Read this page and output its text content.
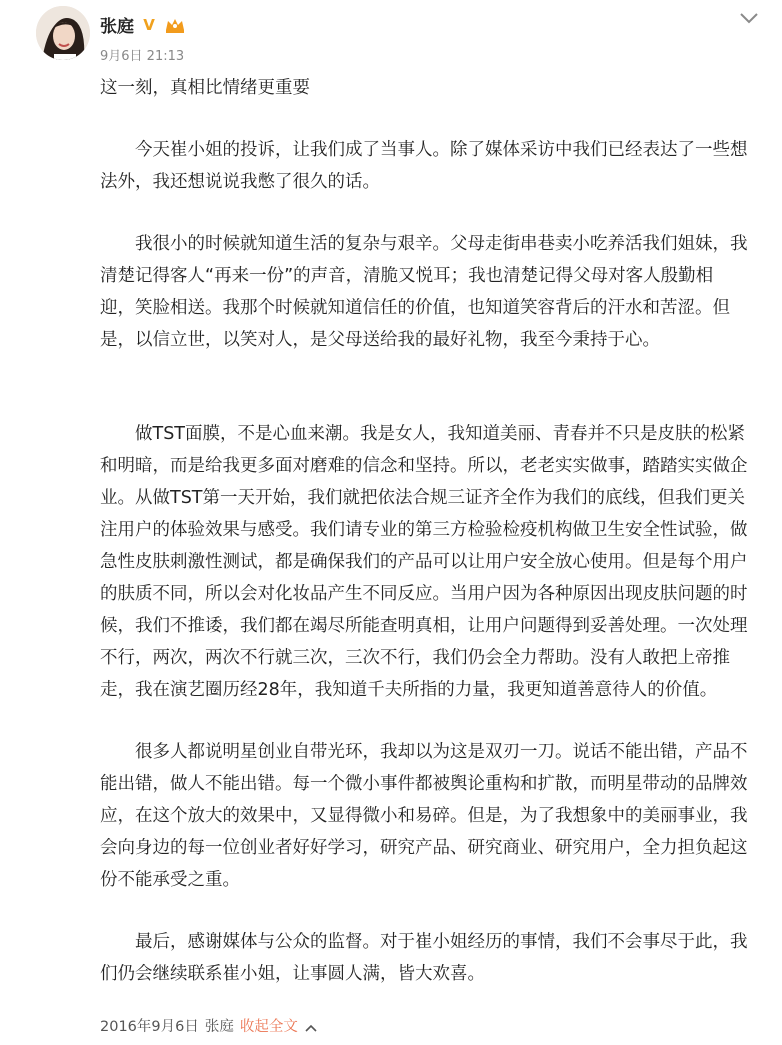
张庭 V
9月6日 21:13

这一刻，真相比情绪更重要

今天崔小姐的投诉，让我们成了当事人。除了媒体采访中我们已经表达了一些想法外，我还想说说我憋了很久的话。

我很小的时候就知道生活的复杂与艰辛。父母走街串巷卖小吃养活我们姐妹，我清楚记得客人“再来一份”的声音，清脆又悦耳；我也清楚记得父母对客人殷勤相迎，笑脸相送。我那个时候就知道信任的价值，也知道笑容背后的汗水和苦涩。但是，以信立世，以笑对人，是父母送给我的最好礼物，我至今秉持于心。

做TST面膜，不是心血来潮。我是女人，我知道美丽、青春并不只是皮肤的松紧和明暗，而是给我更多面对磨难的信念和坚持。所以，老老实实做事，踏踏实实做企业。从做TST第一天开始，我们就把依法合规三证齐全作为我们的底线，但我们更关注用户的体验效果与感受。我们请专业的第三方检验检疫机构做卫生安全性试验，做急性皮肤刺激性测试，都是确保我们的产品可以让用户安全放心使用。但是每个用户的肤质不同，所以会对化妆品产生不同反应。当用户因为各种原因出现皮肤问题的时候，我们不推诿，我们都在竭尽所能查明真相，让用户问题得到妥善处理。一次处理不行，两次，两次不行就三次，三次不行，我们仍会全力帮助。没有人敢把上帝推走，我在演艺圈历经28年，我知道千夫所指的力量，我更知道善意待人的价值。

很多人都说明星创业自带光环，我却以为这是双刃一刀。说话不能出错，产品不能出错，做人不能出错。每一个微小事件都被舆论重构和扩散，而明星带动的品牌效应，在这个放大的效果中，又显得微小和易碎。但是，为了我想象中的美丽事业，我会向身边的每一位创业者好好学习，研究产品、研究商业、研究用户，全力担负起这份不能承受之重。

最后，感谢媒体与公众的监督。对于崔小姐经历的事情，我们不会事尽于此，我们仍会继续联系崔小姐，让事圆人满，皆大欢喜。

2016年9月6日 张庭 收起全文
